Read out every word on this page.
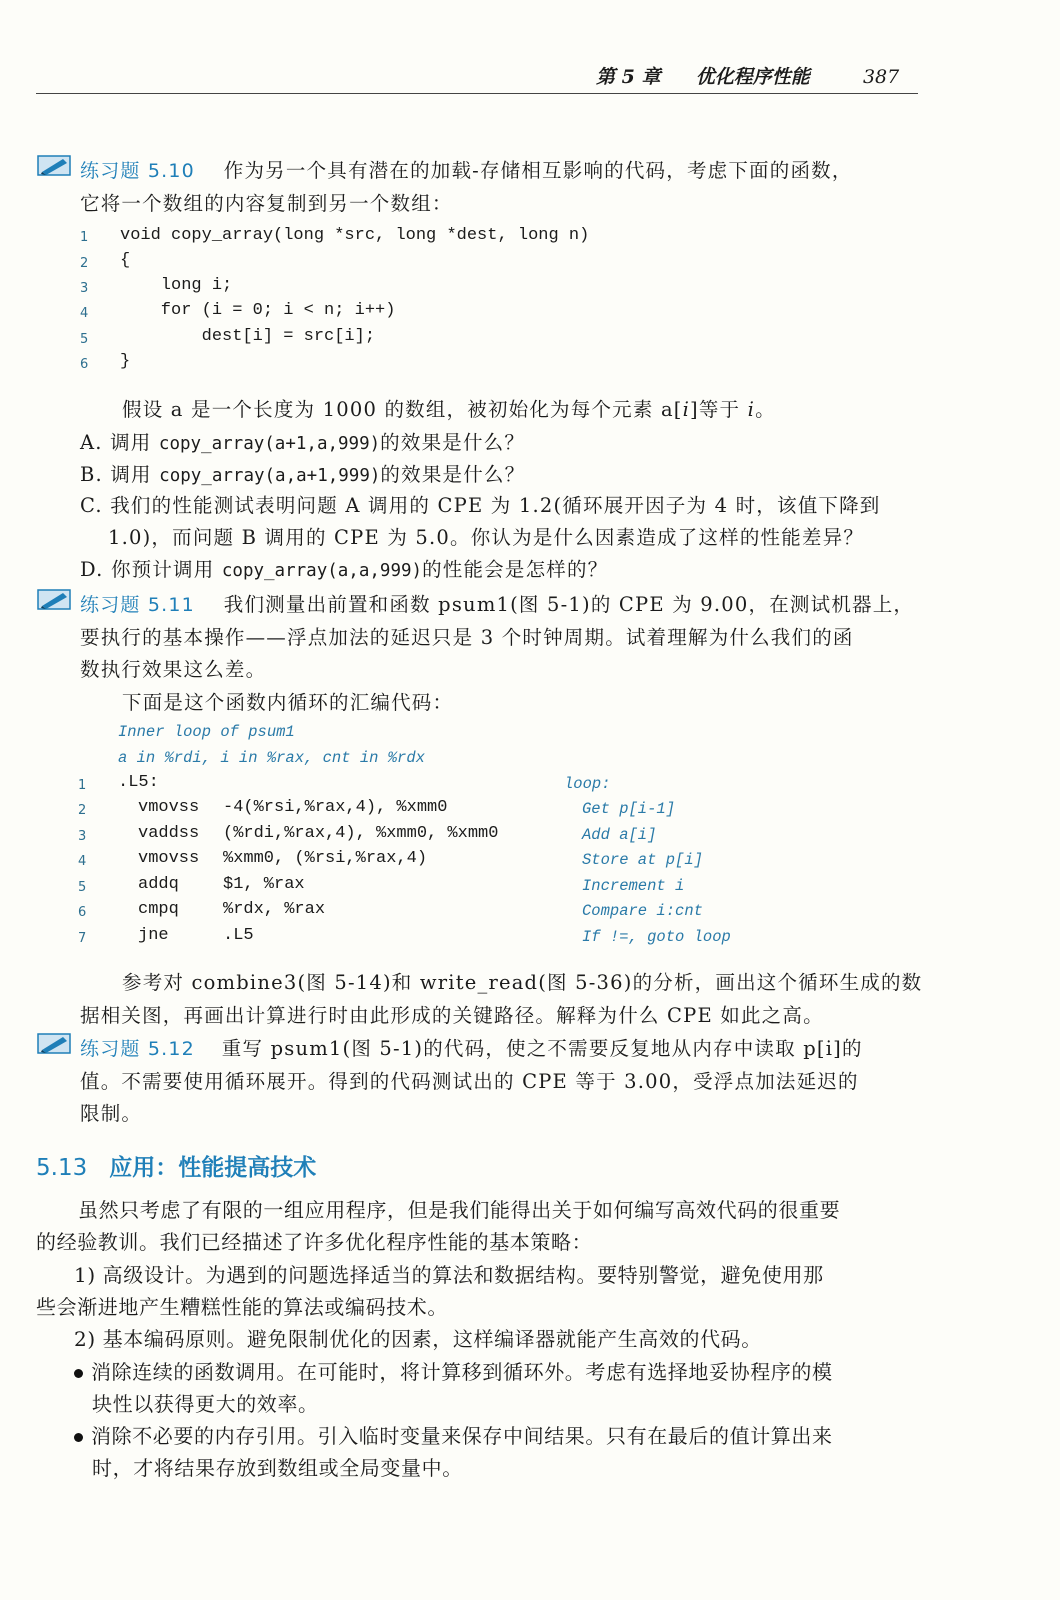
第 5 章 优化程序性能	387
练习题 5.10 作为另一个具有潜在的加载-存储相互影响的代码，考虑下面的函数，
它将一个数组的内容复制到另一个数组：
1 void copy_array(long *src, long *dest, long n)
2 {
3 long i;
4 for (i = 0; i < n; i++)
5 dest[i] = src[i];
6 }
假设 a 是一个长度为 1000 的数组，被初始化为每个元素 a[i]等于 i。
A. 调用 copy_array(a+1,a,999)的效果是什么？
B. 调用 copy_array(a,a+1,999)的效果是什么？
C. 我们的性能测试表明问题 A 调用的 CPE 为 1.2(循环展开因子为 4 时，该值下降到
1.0)，而问题 B 调用的 CPE 为 5.0。你认为是什么因素造成了这样的性能差异？
D. 你预计调用 copy_array(a,a,999)的性能会是怎样的？
练习题 5.11 我们测量出前置和函数 psum1(图 5-1)的 CPE 为 9.00，在测试机器上，
要执行的基本操作——浮点加法的延迟只是 3 个时钟周期。试着理解为什么我们的函
数执行效果这么差。
下面是这个函数内循环的汇编代码：
Inner loop of psum1
a in %rdi, i in %rax, cnt in %rdx
1 .L5:	loop:
2	vmovss -4(%rsi,%rax,4), %xmm0	Get p[i-1]
3	vaddss (%rdi,%rax,4), %xmm0, %xmm0	Add a[i]
4	vmovss %xmm0, (%rsi,%rax,4)	Store at p[i]
5	addq	$1, %rax	Increment i
6	cmpq	%rdx, %rax	Compare i:cnt
7	jne	.L5	If !=, goto loop
参考对 combine3(图 5-14)和 write_read(图 5-36)的分析，画出这个循环生成的数
据相关图，再画出计算进行时由此形成的关键路径。解释为什么 CPE 如此之高。
练习题 5.12 重写 psum1(图 5-1)的代码，使之不需要反复地从内存中读取 p[i]的
值。不需要使用循环展开。得到的代码测试出的 CPE 等于 3.00，受浮点加法延迟的
限制。
5.13 应用：性能提高技术
虽然只考虑了有限的一组应用程序，但是我们能得出关于如何编写高效代码的很重要
的经验教训。我们已经描述了许多优化程序性能的基本策略：
1) 高级设计。为遇到的问题选择适当的算法和数据结构。要特别警觉，避免使用那
些会渐进地产生糟糕性能的算法或编码技术。
2) 基本编码原则。避免限制优化的因素，这样编译器就能产生高效的代码。
消除连续的函数调用。在可能时，将计算移到循环外。考虑有选择地妥协程序的模
块性以获得更大的效率。
消除不必要的内存引用。引入临时变量来保存中间结果。只有在最后的值计算出来
时，才将结果存放到数组或全局变量中。
